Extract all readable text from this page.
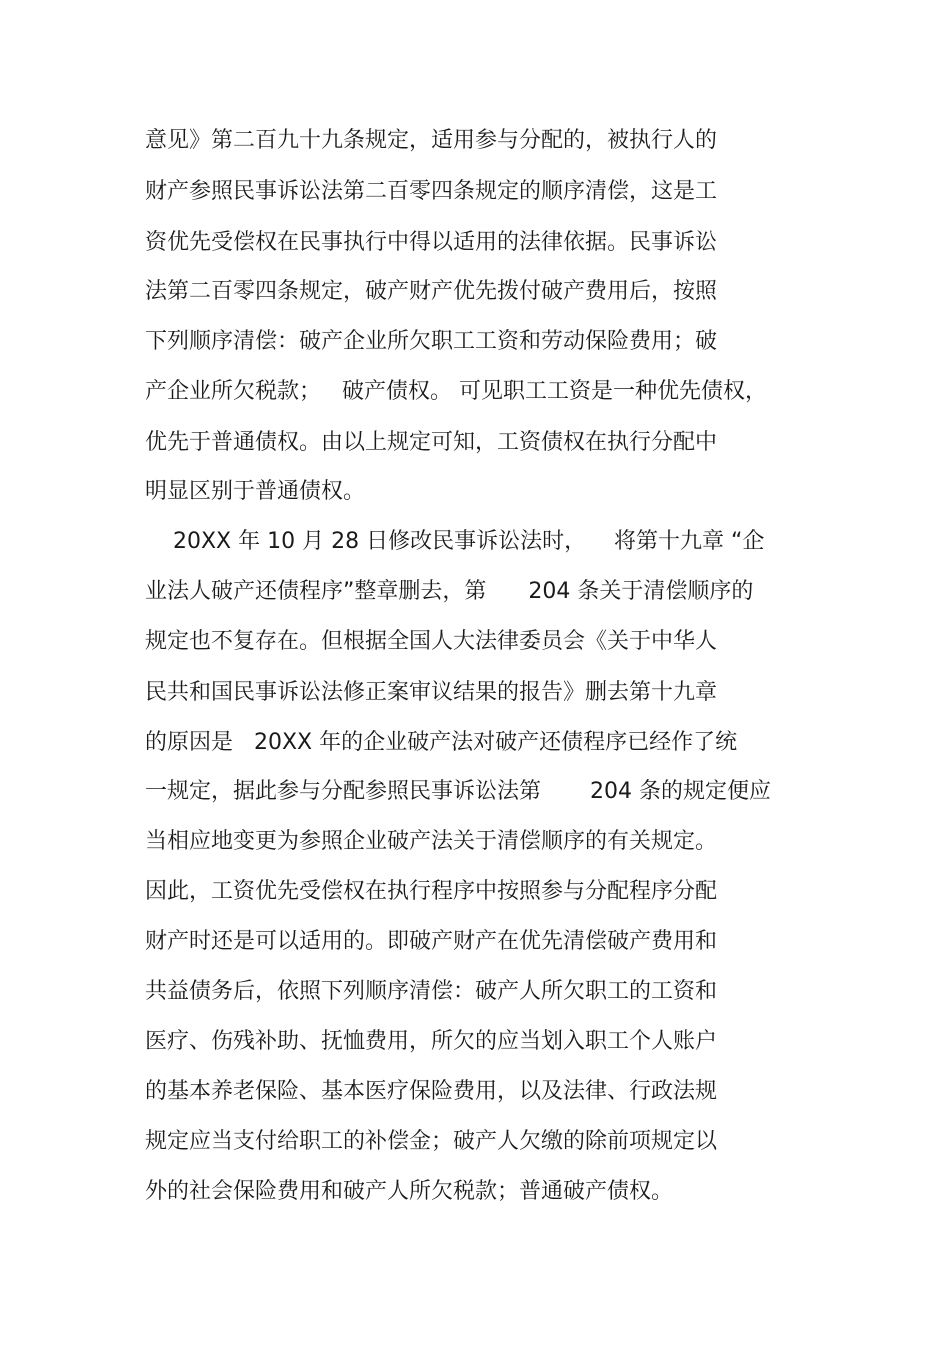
意见》第二百九十九条规定，适用参与分配的，被执行人的
财产参照民事诉讼法第二百零四条规定的顺序清偿，这是工
资优先受偿权在民事执行中得以适用的法律依据。民事诉讼
法第二百零四条规定，破产财产优先拨付破产费用后，按照
下列顺序清偿：破产企业所欠职工工资和劳动保险费用；破
产企业所欠税款；   破产债权。 可见职工工资是一种优先债权，
优先于普通债权。由以上规定可知，工资债权在执行分配中
明显区别于普通债权。
20XX 年 10 月 28 日修改民事诉讼法时，    将第十九章 “企
业法人破产还债程序”整章删去，第      204 条关于清偿顺序的
规定也不复存在。但根据全国人大法律委员会《关于中华人
民共和国民事诉讼法修正案审议结果的报告》删去第十九章
的原因是   20XX 年的企业破产法对破产还债程序已经作了统
一规定，据此参与分配参照民事诉讼法第       204 条的规定便应
当相应地变更为参照企业破产法关于清偿顺序的有关规定。
因此，工资优先受偿权在执行程序中按照参与分配程序分配
财产时还是可以适用的。即破产财产在优先清偿破产费用和
共益债务后，依照下列顺序清偿：破产人所欠职工的工资和
医疗、伤残补助、抚恤费用，所欠的应当划入职工个人账户
的基本养老保险、基本医疗保险费用，以及法律、行政法规
规定应当支付给职工的补偿金；破产人欠缴的除前项规定以
外的社会保险费用和破产人所欠税款；普通破产债权。
